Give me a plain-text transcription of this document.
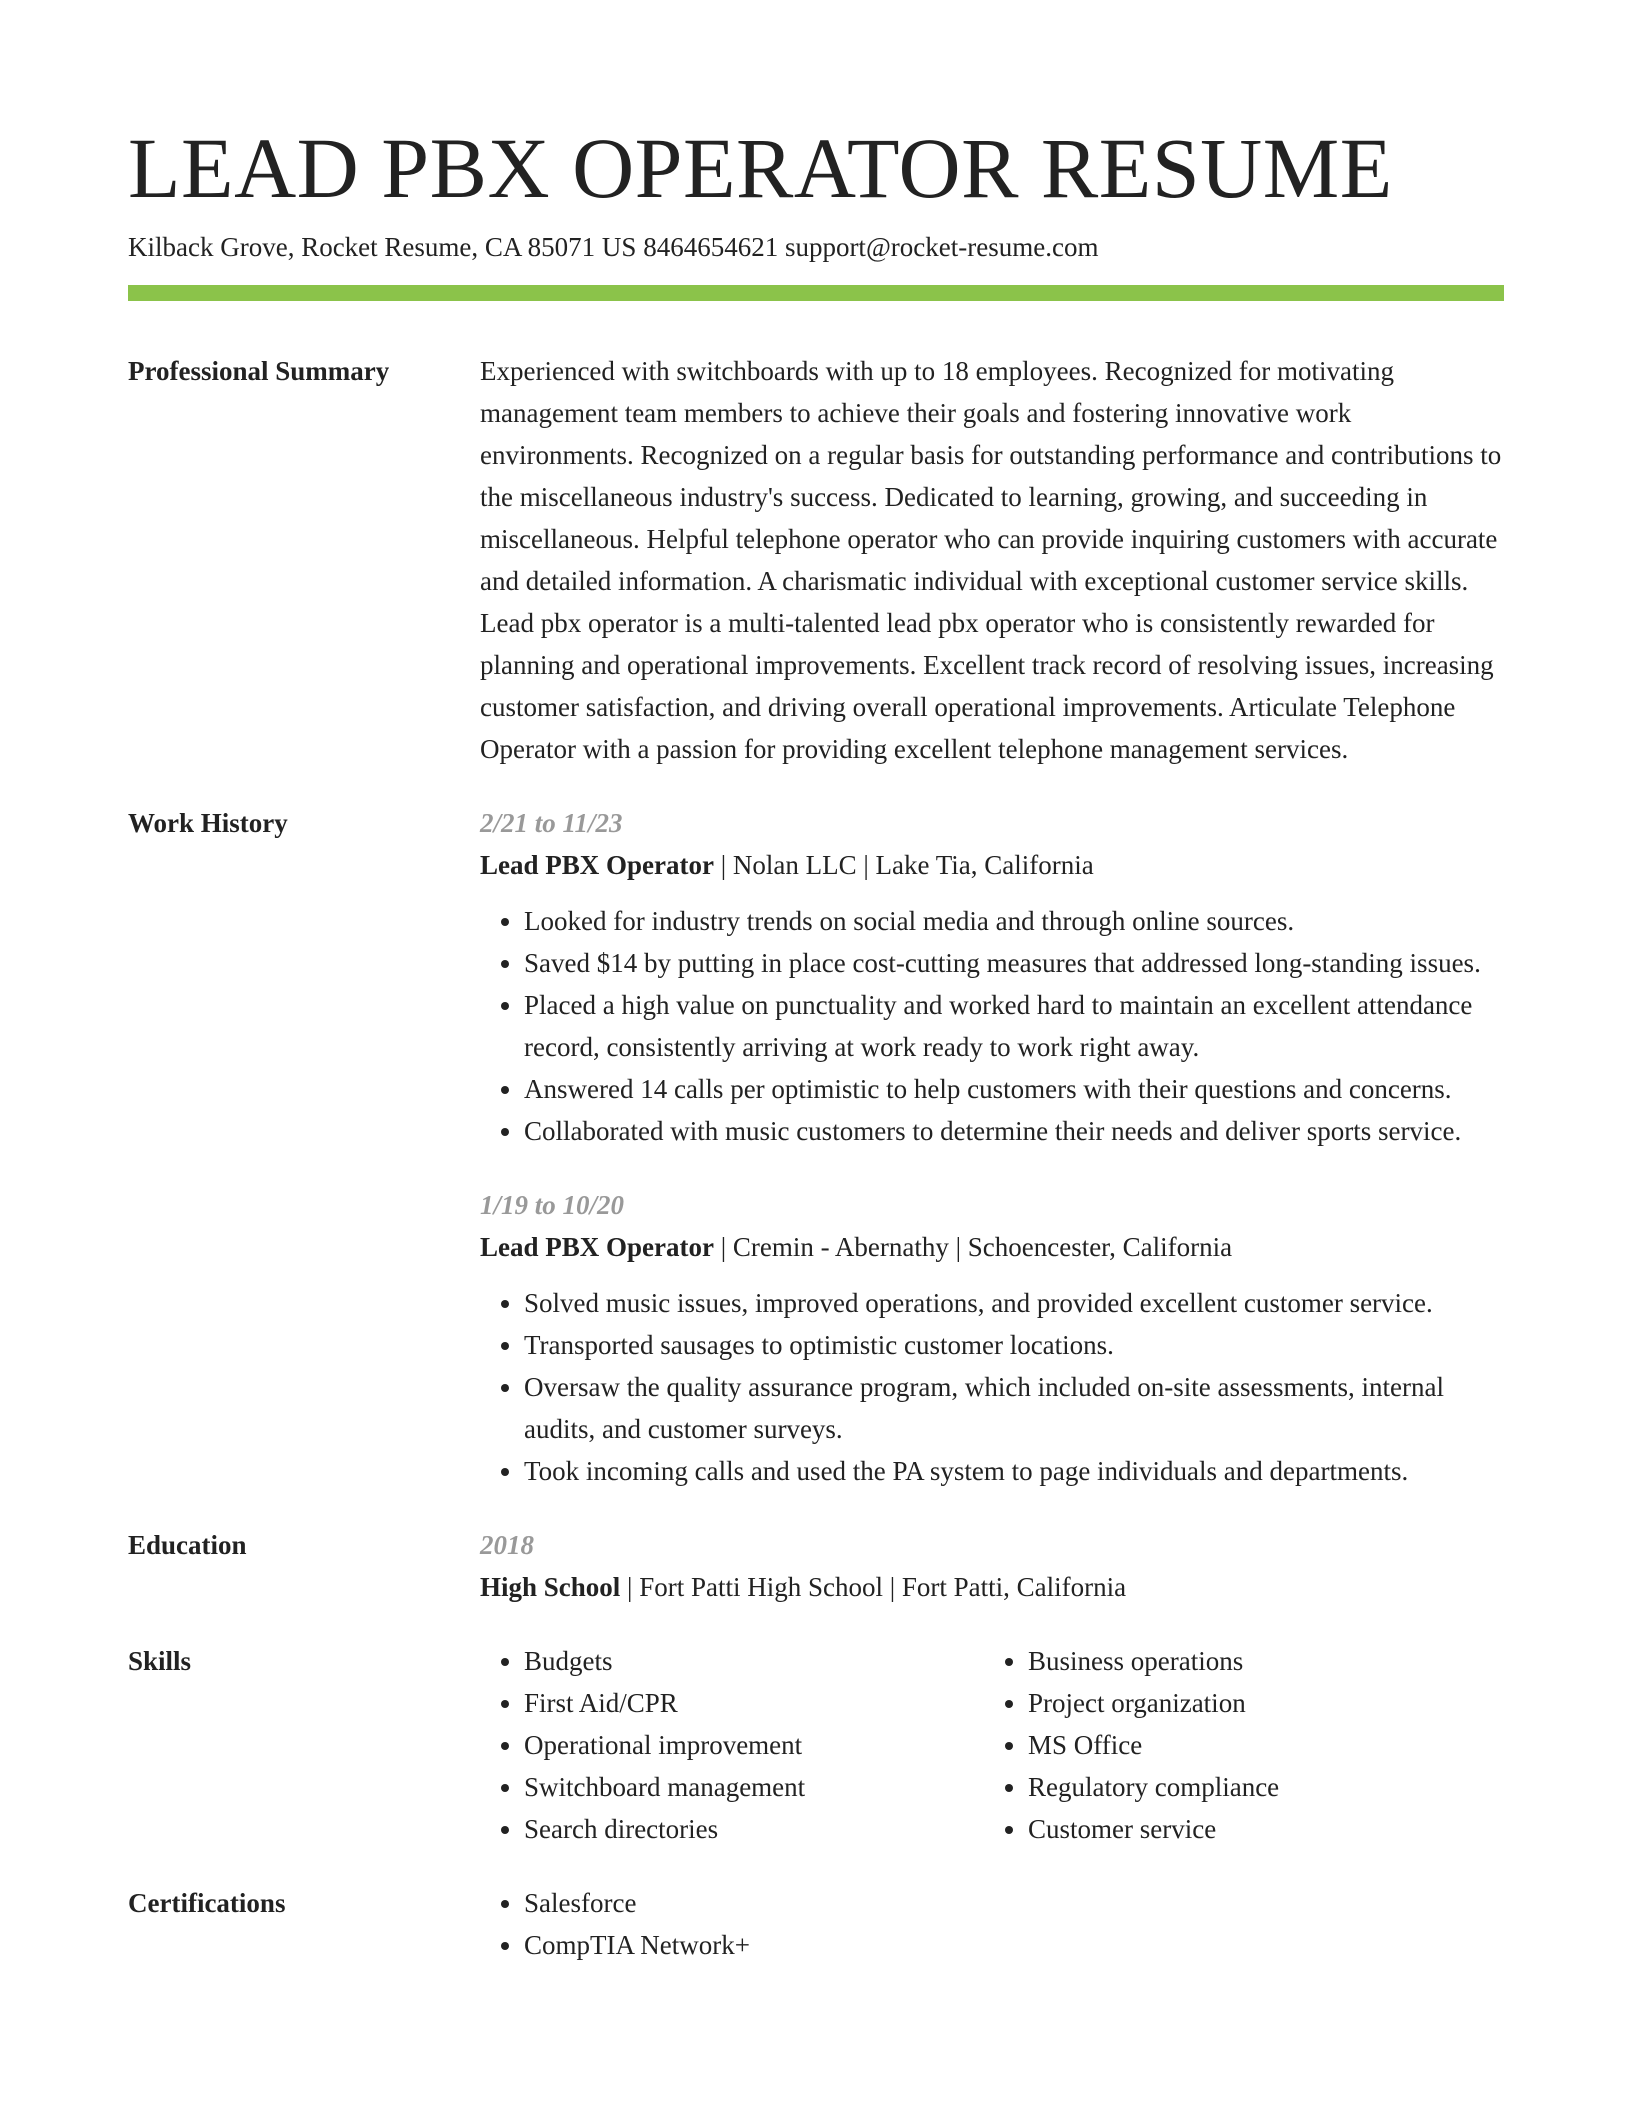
LEAD PBX OPERATOR RESUME
Kilback Grove, Rocket Resume, CA 85071 US 8464654621 support@rocket-resume.com
Professional Summary	Experienced with switchboards with up to 18 employees. Recognized for motivating management team members to achieve their goals and fostering innovative work environments. Recognized on a regular basis for outstanding performance and contributions to the miscellaneous industry's success. Dedicated to learning, growing, and succeeding in miscellaneous. Helpful telephone operator who can provide inquiring customers with accurate and detailed information. A charismatic individual with exceptional customer service skills. Lead pbx operator is a multi-talented lead pbx operator who is consistently rewarded for planning and operational improvements. Excellent track record of resolving issues, increasing customer satisfaction, and driving overall operational improvements. Articulate Telephone Operator with a passion for providing excellent telephone management services.

Work History	2/21 to 11/23
Lead PBX Operator | Nolan LLC | Lake Tia, California
• Looked for industry trends on social media and through online sources.
• Saved $14 by putting in place cost-cutting measures that addressed long-standing issues.
• Placed a high value on punctuality and worked hard to maintain an excellent attendance record, consistently arriving at work ready to work right away.
• Answered 14 calls per optimistic to help customers with their questions and concerns.
• Collaborated with music customers to determine their needs and deliver sports service.
1/19 to 10/20
Lead PBX Operator | Cremin - Abernathy | Schoencester, California
• Solved music issues, improved operations, and provided excellent customer service.
• Transported sausages to optimistic customer locations.
• Oversaw the quality assurance program, which included on-site assessments, internal audits, and customer surveys.
• Took incoming calls and used the PA system to page individuals and departments.
Education	2018
High School | Fort Patti High School | Fort Patti, California
Skills	• Budgets
• First Aid/CPR
• Operational improvement
• Switchboard management
• Search directories
• Business operations
• Project organization
• MS Office
• Regulatory compliance
• Customer service
Certifications	• Salesforce
• CompTIA Network+
